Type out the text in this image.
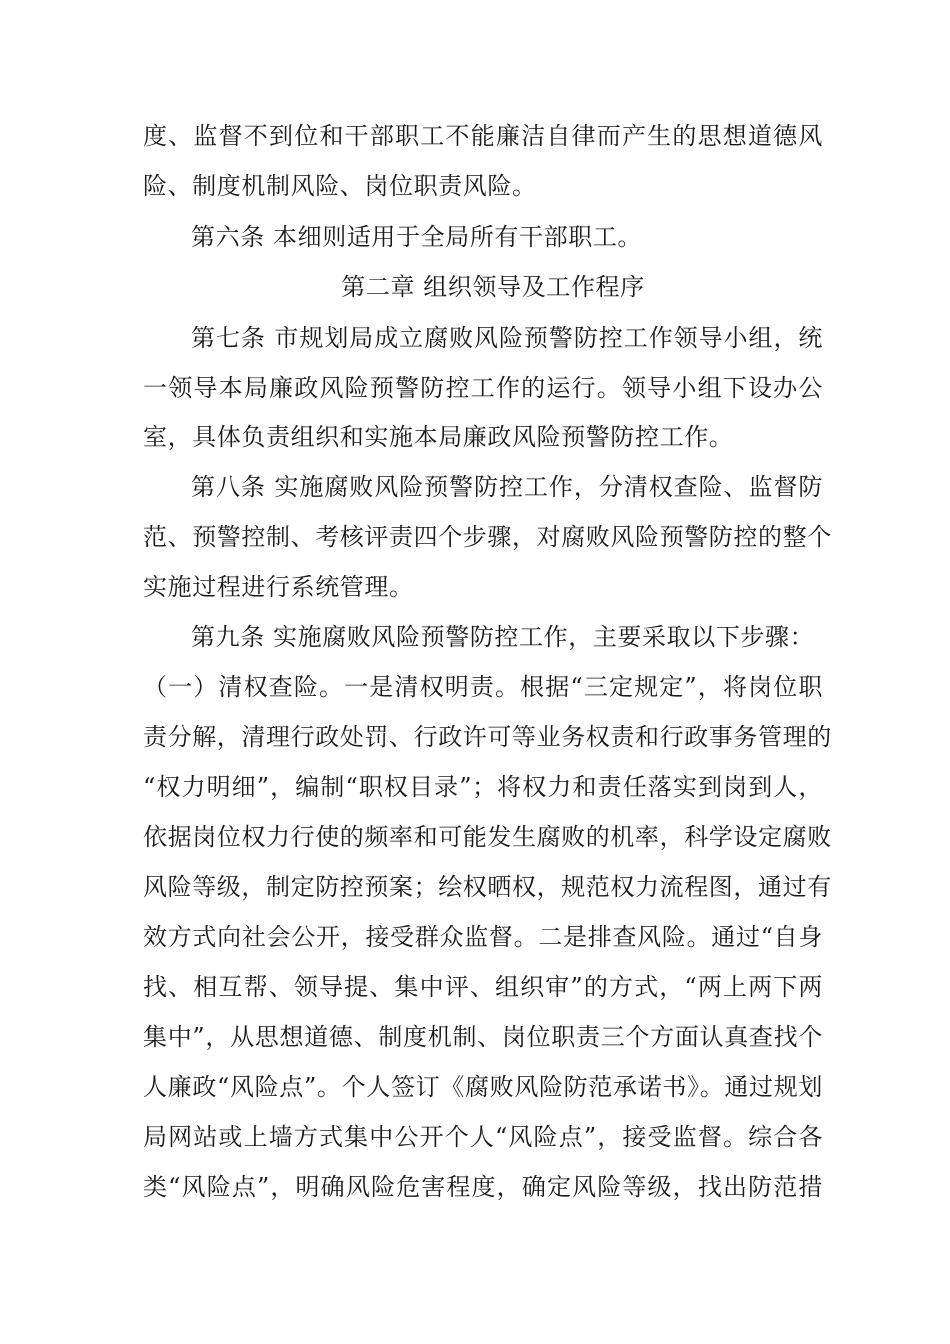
度、监督不到位和干部职工不能廉洁自律而产生的思想道德风
险、制度机制风险、岗位职责风险。
第六条 本细则适用于全局所有干部职工。
第二章 组织领导及工作程序
第七条 市规划局成立腐败风险预警防控工作领导小组，统
一领导本局廉政风险预警防控工作的运行。领导小组下设办公
室，具体负责组织和实施本局廉政风险预警防控工作。
第八条 实施腐败风险预警防控工作，分清权查险、监督防
范、预警控制、考核评责四个步骤，对腐败风险预警防控的整个
实施过程进行系统管理。
第九条 实施腐败风险预警防控工作，主要采取以下步骤：
（一）清权查险。一是清权明责。根据“三定规定”，将岗位职
责分解，清理行政处罚、行政许可等业务权责和行政事务管理的
“权力明细”，编制“职权目录”；将权力和责任落实到岗到人，
依据岗位权力行使的频率和可能发生腐败的机率，科学设定腐败
风险等级，制定防控预案；绘权晒权，规范权力流程图，通过有
效方式向社会公开，接受群众监督。二是排查风险。通过“自身
找、相互帮、领导提、集中评、组织审”的方式，“两上两下两
集中”，从思想道德、制度机制、岗位职责三个方面认真查找个
人廉政“风险点”。个人签订《腐败风险防范承诺书》。通过规划
局网站或上墙方式集中公开个人“风险点”，接受监督。综合各
类“风险点”，明确风险危害程度，确定风险等级，找出防范措
